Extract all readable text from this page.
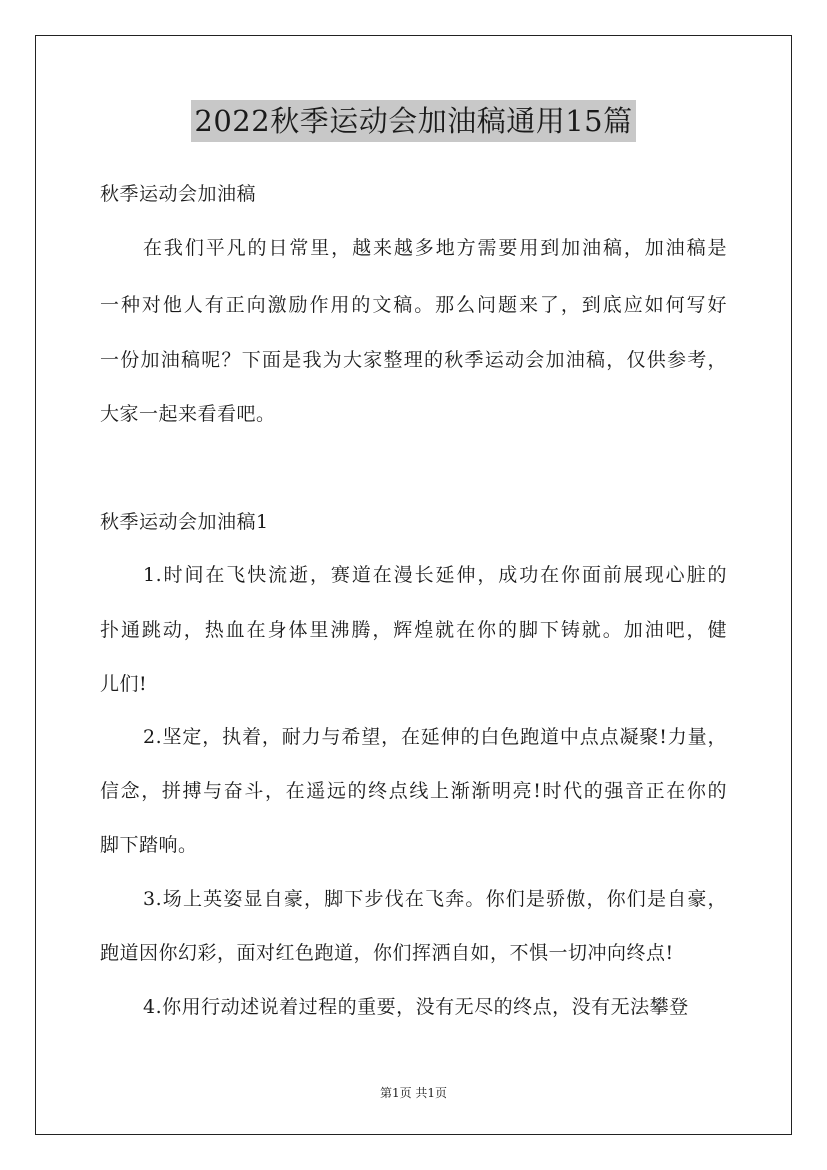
2022秋季运动会加油稿通用15篇
秋季运动会加油稿
在我们平凡的日常里，越来越多地方需要用到加油稿，加油稿是
一种对他人有正向激励作用的文稿。那么问题来了，到底应如何写好
一份加油稿呢？下面是我为大家整理的秋季运动会加油稿，仅供参考，
大家一起来看看吧。
秋季运动会加油稿1
1.时间在飞快流逝，赛道在漫长延伸，成功在你面前展现心脏的
扑通跳动，热血在身体里沸腾，辉煌就在你的脚下铸就。加油吧，健
儿们!
2.坚定，执着，耐力与希望，在延伸的白色跑道中点点凝聚!力量，
信念，拼搏与奋斗，在遥远的终点线上渐渐明亮!时代的强音正在你的
脚下踏响。
3.场上英姿显自豪，脚下步伐在飞奔。你们是骄傲，你们是自豪，
跑道因你幻彩，面对红色跑道，你们挥洒自如，不惧一切冲向终点!
4.你用行动述说着过程的重要，没有无尽的终点，没有无法攀登
第1页 共1页
